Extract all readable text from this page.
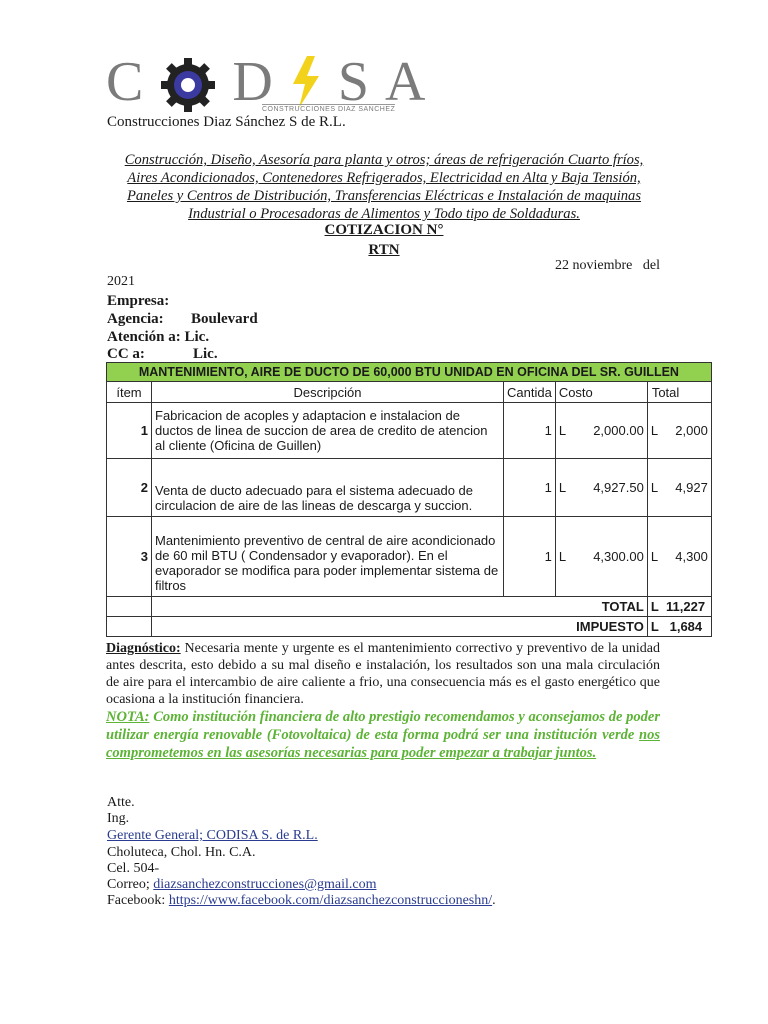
C D S A
CONSTRUCCIONES DIAZ SANCHEZ
Construcciones Diaz Sánchez S de R.L.
Construcción, Diseño, Asesoría para planta y otros; áreas de refrigeración Cuarto fríos, Aires Acondicionados, Contenedores Refrigerados, Electricidad en Alta y Baja Tensión, Paneles y Centros de Distribución, Transferencias Eléctricas e Instalación de maquinas Industrial o Procesadoras de Alimentos y Todo tipo de Soldaduras.
COTIZACION N°
RTN
22 noviembre   del
2021
Empresa:
Agencia: Boulevard
Atención a: Lic.
CC a:	Lic.
MANTENIMIENTO, AIRE DE DUCTO DE 60,000 BTU UNIDAD EN OFICINA DEL SR. GUILLEN				
ítem	Descripción	Cantida	Costo	Total
1	Fabricacion de acoples y adaptacion e instalacion de ductos de linea de succion de area de credito de atencion al cliente (Oficina de Guillen)	1	L 2,000.00	L 2,000

2	Venta de ducto adecuado para el sistema adecuado de circulacion de aire de las lineas de descarga y succion.	1	L 4,927.50	L 4,927

3	Mantenimiento preventivo de central de aire acondicionado de 60 mil BTU ( Condensador y evaporador). En el evaporador se modifica para poder implementar sistema de filtros	1	L 4,300.00	L 4,300

	TOTAL			L 11,227
	IMPUESTO			L 1,684
Diagnóstico: Necesaria mente y urgente es el mantenimiento correctivo y preventivo de la unidad antes descrita, esto debido a su mal diseño e instalación, los resultados son una mala circulación de aire para el intercambio de aire caliente a frio, una consecuencia más es el gasto energético que ocasiona a la institución financiera.
NOTA: Como institución financiera de alto prestigio recomendamos y aconsejamos de poder utilizar energía renovable (Fotovoltaica) de esta forma podrá ser una institución verde nos comprometemos en las asesorías necesarias para poder empezar a trabajar juntos.
Atte.
Ing.
Gerente General; CODISA S. de R.L.
Choluteca, Chol. Hn. C.A.
Cel. 504-
Correo; diazsanchezconstrucciones@gmail.com
Facebook: https://www.facebook.com/diazsanchezconstruccioneshn/.
